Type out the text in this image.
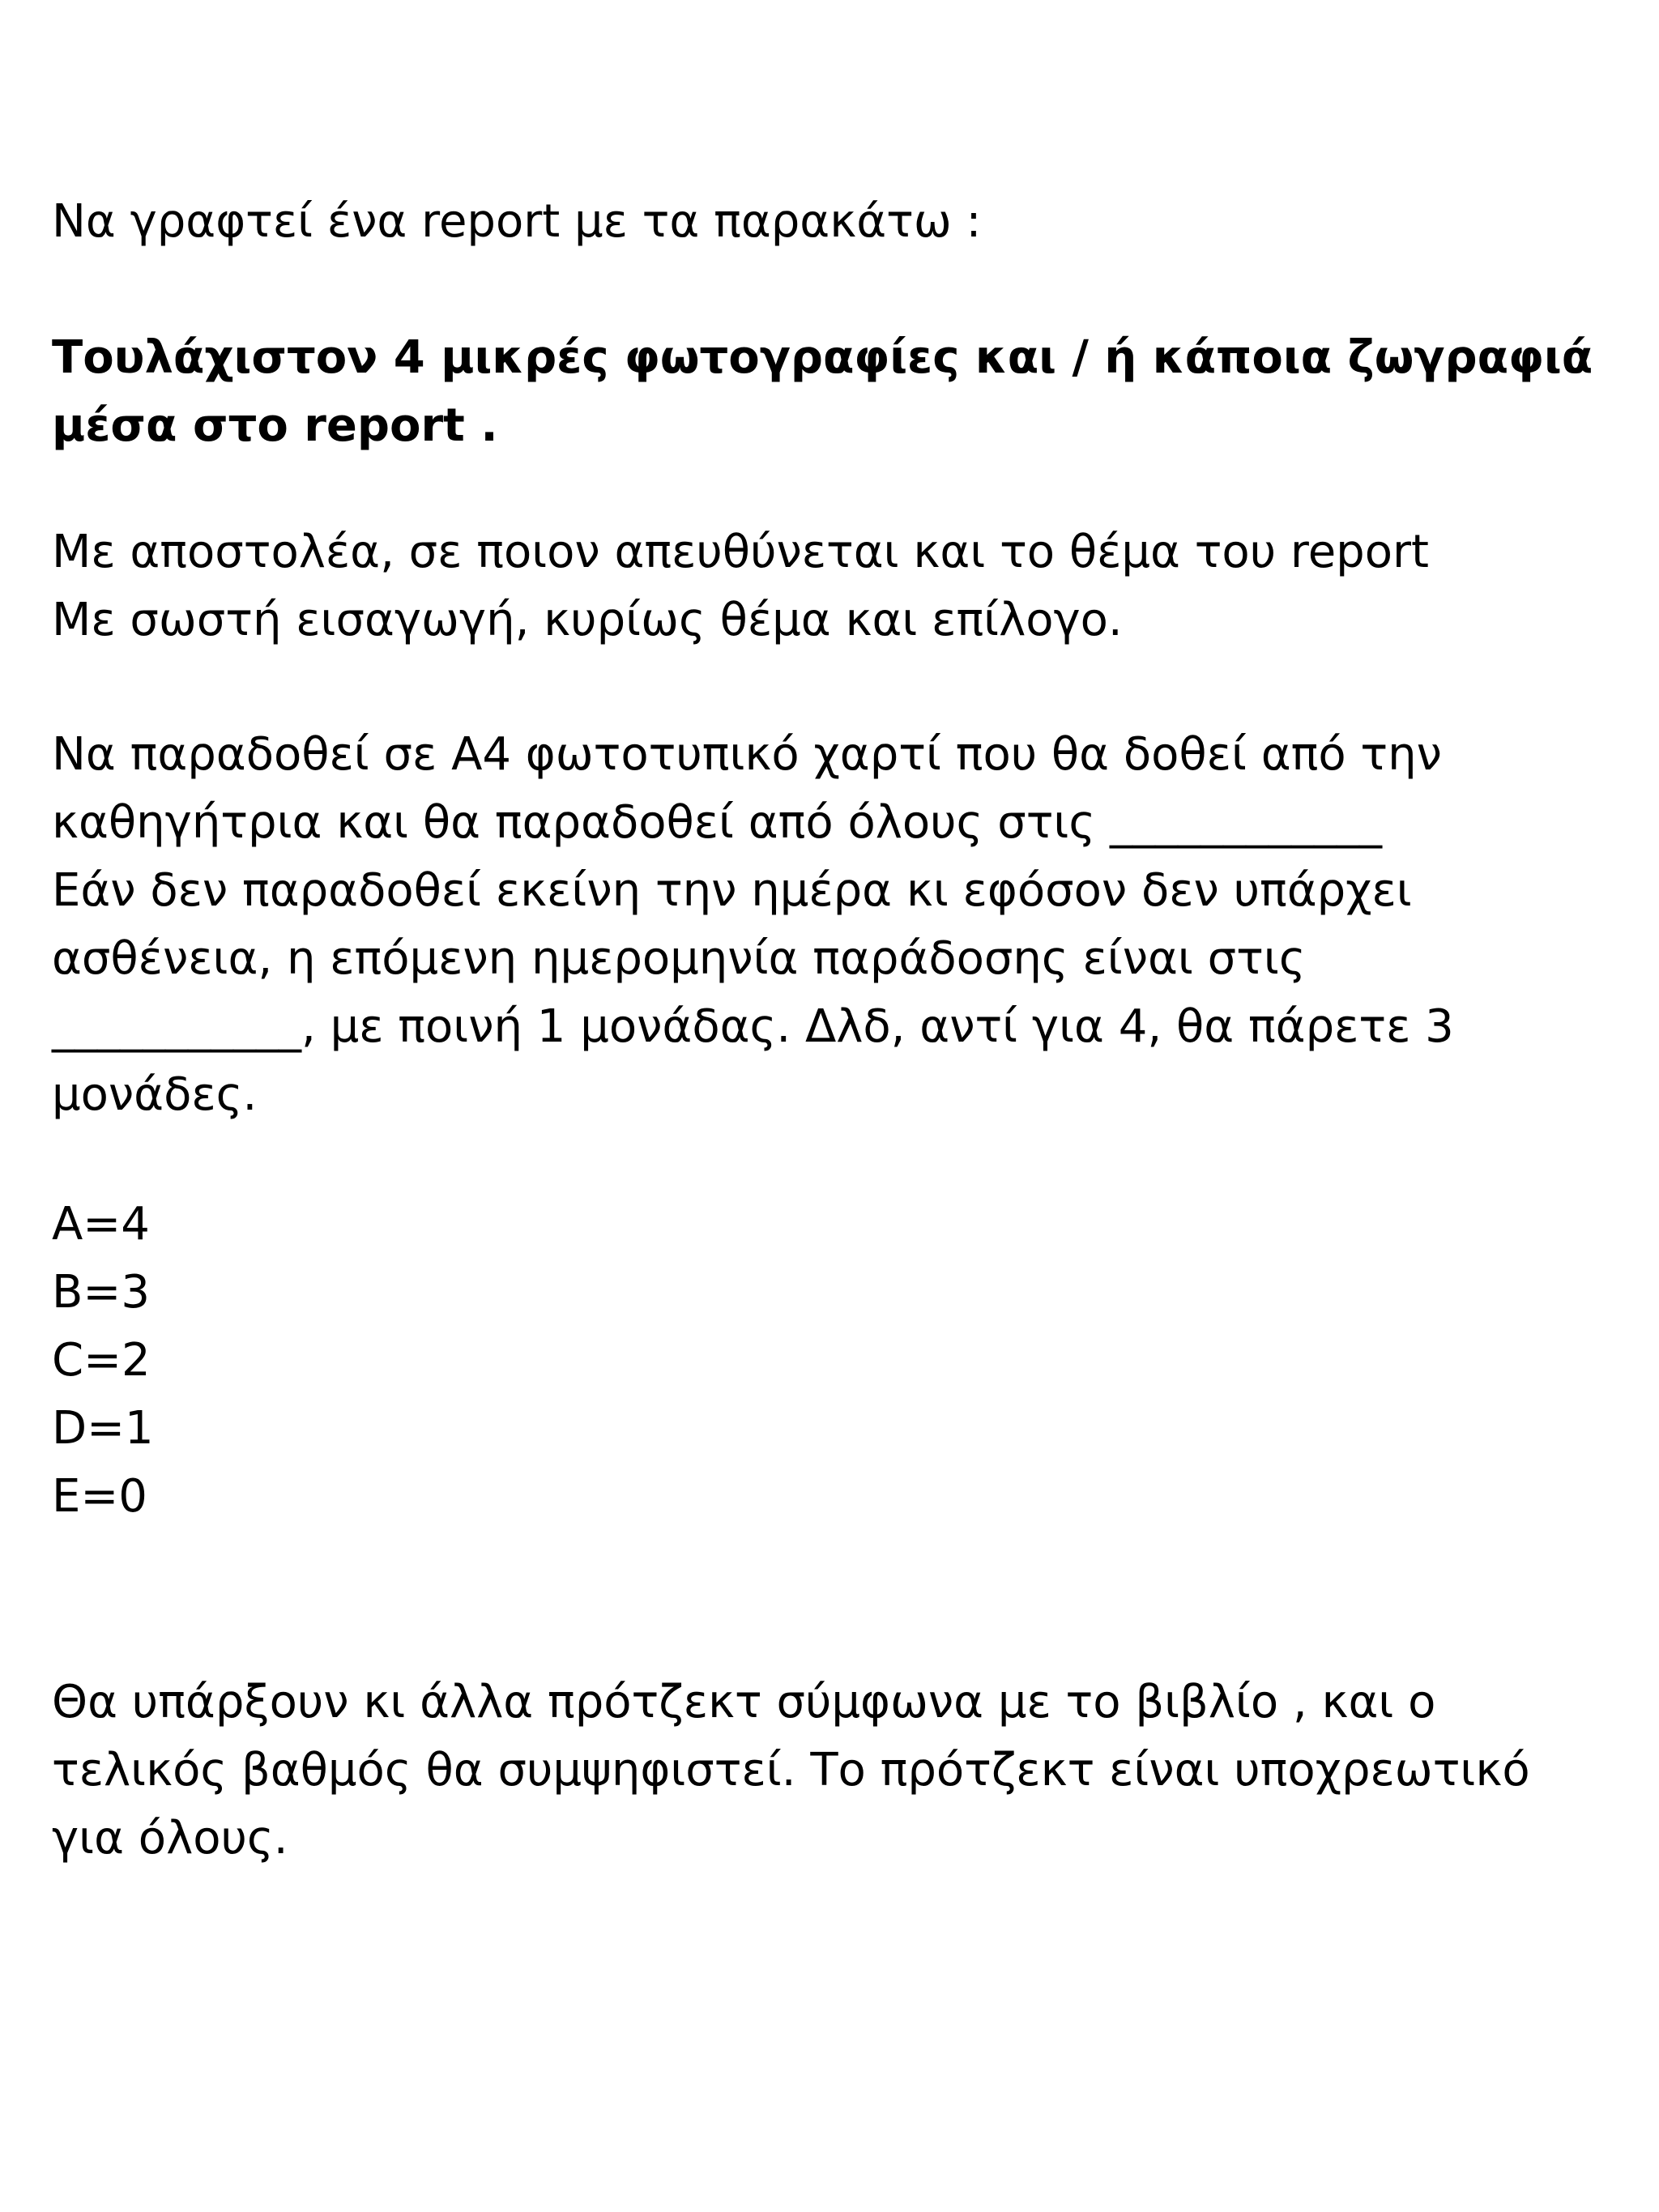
Να γραφτεί ένα report με τα παρακάτω :
Τουλάχιστον 4 μικρές φωτογραφίες και / ή κάποια ζωγραφιά
μέσα στο report .
Με αποστολέα, σε ποιον απευθύνεται και το θέμα του report
Με σωστή εισαγωγή, κυρίως θέμα και επίλογο.
Να παραδοθεί σε Α4 φωτοτυπικό χαρτί που θα δοθεί από την
καθηγήτρια και θα παραδοθεί από όλους στις ____________
Εάν δεν παραδοθεί εκείνη την ημέρα κι εφόσον δεν υπάρχει
ασθένεια, η επόμενη ημερομηνία παράδοσης είναι στις
___________, με ποινή 1 μονάδας. Δλδ, αντί για 4, θα πάρετε 3
μονάδες.
A=4
B=3
C=2
D=1
E=0
Θα υπάρξουν κι άλλα πρότζεκτ σύμφωνα με το βιβλίο , και ο
τελικός βαθμός θα συμψηφιστεί. Το πρότζεκτ είναι υποχρεωτικό
για όλους.
